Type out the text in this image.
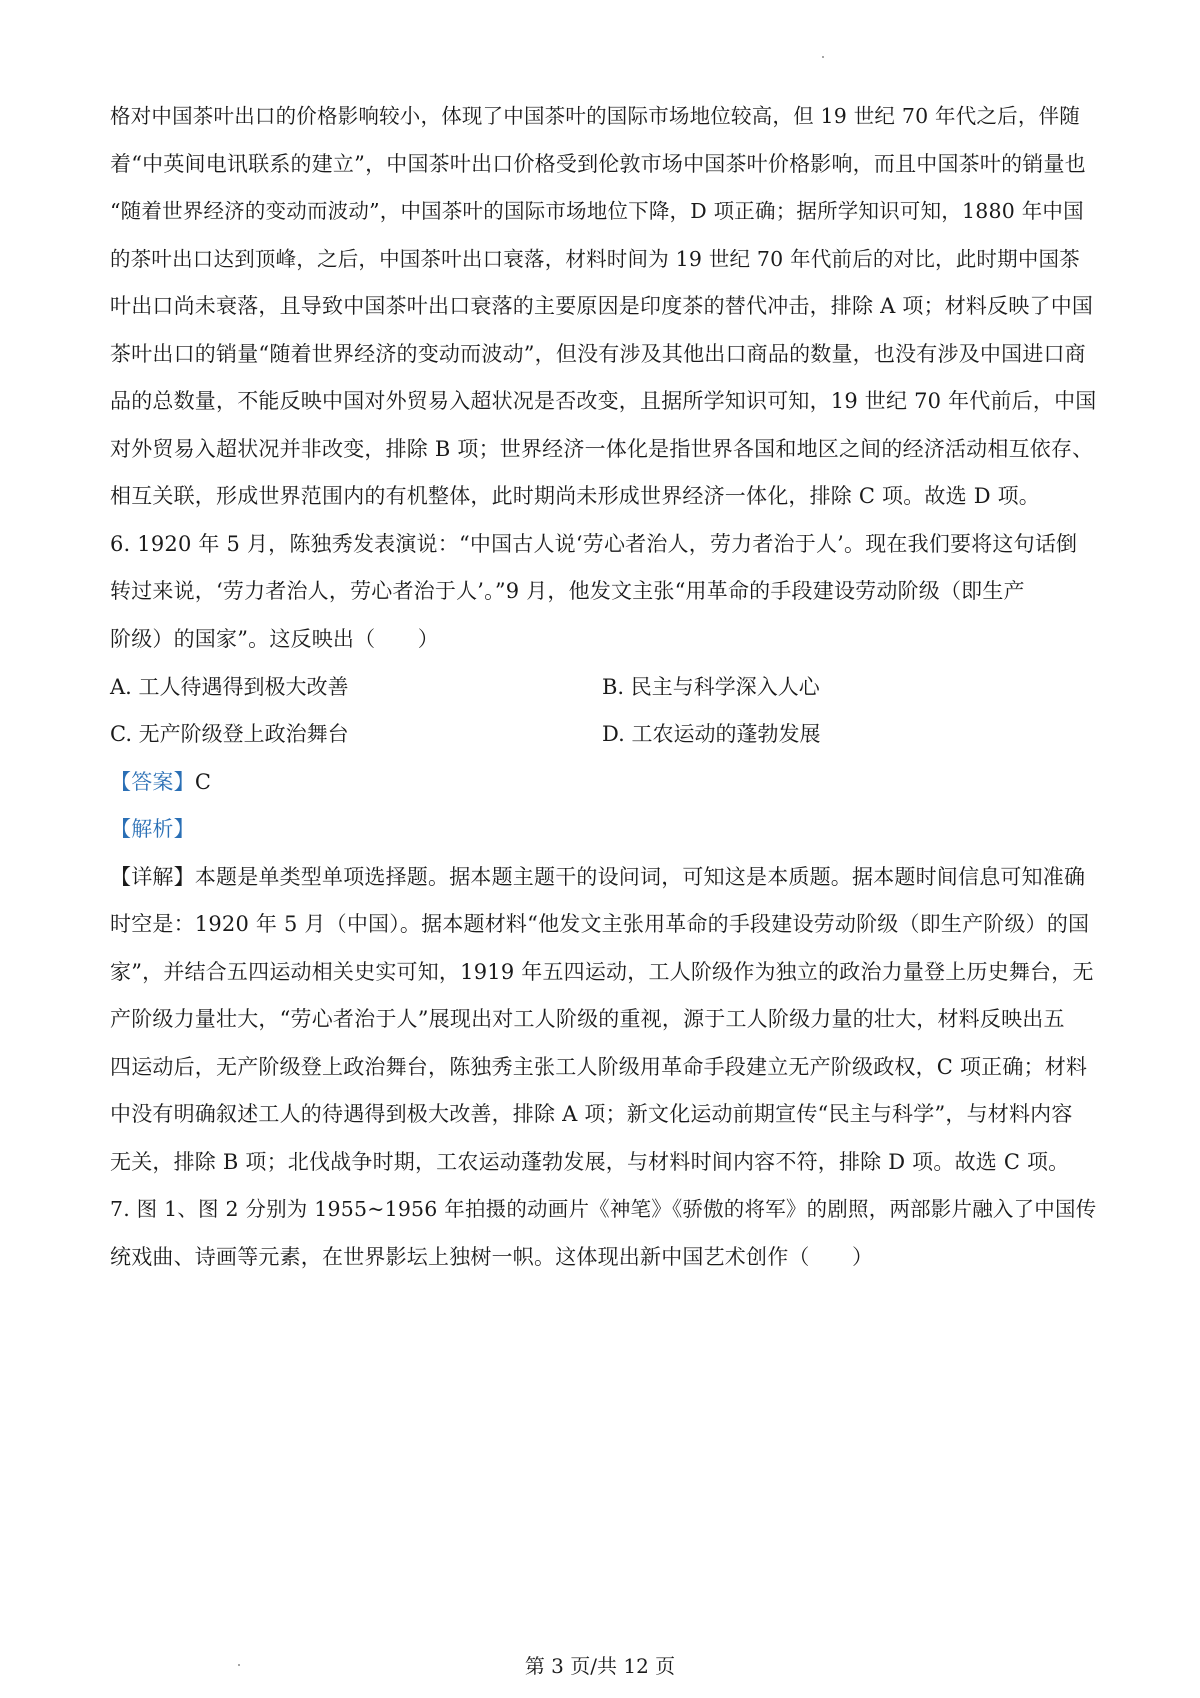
格对中国茶叶出口的价格影响较小，体现了中国茶叶的国际市场地位较高，但 19 世纪 70 年代之后，伴随
着“中英间电讯联系的建立”，中国茶叶出口价格受到伦敦市场中国茶叶价格影响，而且中国茶叶的销量也
“随着世界经济的变动而波动”，中国茶叶的国际市场地位下降，D 项正确；据所学知识可知，1880 年中国
的茶叶出口达到顶峰，之后，中国茶叶出口衰落，材料时间为 19 世纪 70 年代前后的对比，此时期中国茶
叶出口尚未衰落，且导致中国茶叶出口衰落的主要原因是印度茶的替代冲击，排除 A 项；材料反映了中国
茶叶出口的销量“随着世界经济的变动而波动”，但没有涉及其他出口商品的数量，也没有涉及中国进口商
品的总数量，不能反映中国对外贸易入超状况是否改变，且据所学知识可知，19 世纪 70 年代前后，中国
对外贸易入超状况并非改变，排除 B 项；世界经济一体化是指世界各国和地区之间的经济活动相互依存、
相互关联，形成世界范围内的有机整体，此时期尚未形成世界经济一体化，排除 C 项。故选 D 项。
6. 1920 年 5 月，陈独秀发表演说：“中国古人说‘劳心者治人，劳力者治于人’。现在我们要将这句话倒
转过来说，‘劳力者治人，劳心者治于人’。”9 月，他发文主张“用革命的手段建设劳动阶级（即生产
阶级）的国家”。这反映出（　　）
A. 工人待遇得到极大改善	B. 民主与科学深入人心
C. 无产阶级登上政治舞台	D. 工农运动的蓬勃发展
【答案】C
【解析】
【详解】本题是单类型单项选择题。据本题主题干的设问词，可知这是本质题。据本题时间信息可知准确
时空是：1920 年 5 月（中国）。据本题材料“他发文主张用革命的手段建设劳动阶级（即生产阶级）的国
家”，并结合五四运动相关史实可知，1919 年五四运动，工人阶级作为独立的政治力量登上历史舞台，无
产阶级力量壮大，“劳心者治于人”展现出对工人阶级的重视，源于工人阶级力量的壮大，材料反映出五
四运动后，无产阶级登上政治舞台，陈独秀主张工人阶级用革命手段建立无产阶级政权，C 项正确；材料
中没有明确叙述工人的待遇得到极大改善，排除 A 项；新文化运动前期宣传“民主与科学”，与材料内容
无关，排除 B 项；北伐战争时期，工农运动蓬勃发展，与材料时间内容不符，排除 D 项。故选 C 项。
7. 图 1、图 2 分别为 1955~1956 年拍摄的动画片《神笔》《骄傲的将军》的剧照，两部影片融入了中国传
统戏曲、诗画等元素，在世界影坛上独树一帜。这体现出新中国艺术创作（　　）
第 3 页/共 12 页
